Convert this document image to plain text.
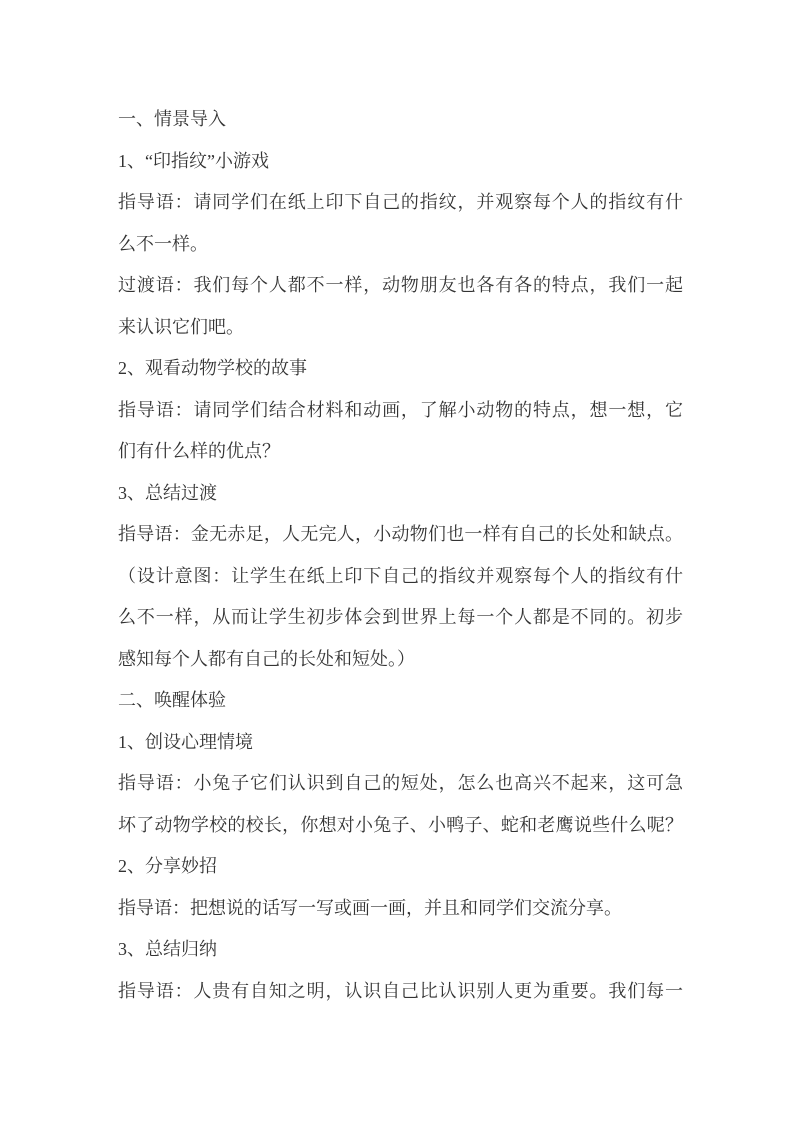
一、情景导入
1、“印指纹”小游戏
指导语：请同学们在纸上印下自己的指纹，并观察每个人的指纹有什
么不一样。
过渡语：我们每个人都不一样，动物朋友也各有各的特点，我们一起
来认识它们吧。
2、观看动物学校的故事
指导语：请同学们结合材料和动画，了解小动物的特点，想一想，它
们有什么样的优点？
3、总结过渡
指导语：金无赤足，人无完人，小动物们也一样有自己的长处和缺点。
（设计意图：让学生在纸上印下自己的指纹并观察每个人的指纹有什
么不一样，从而让学生初步体会到世界上每一个人都是不同的。初步
感知每个人都有自己的长处和短处。）
二、唤醒体验
1、创设心理情境
指导语：小兔子它们认识到自己的短处，怎么也高兴不起来，这可急
坏了动物学校的校长，你想对小兔子、小鸭子、蛇和老鹰说些什么呢？
2、分享妙招
指导语：把想说的话写一写或画一画，并且和同学们交流分享。
3、总结归纳
指导语：人贵有自知之明，认识自己比认识别人更为重要。我们每一
